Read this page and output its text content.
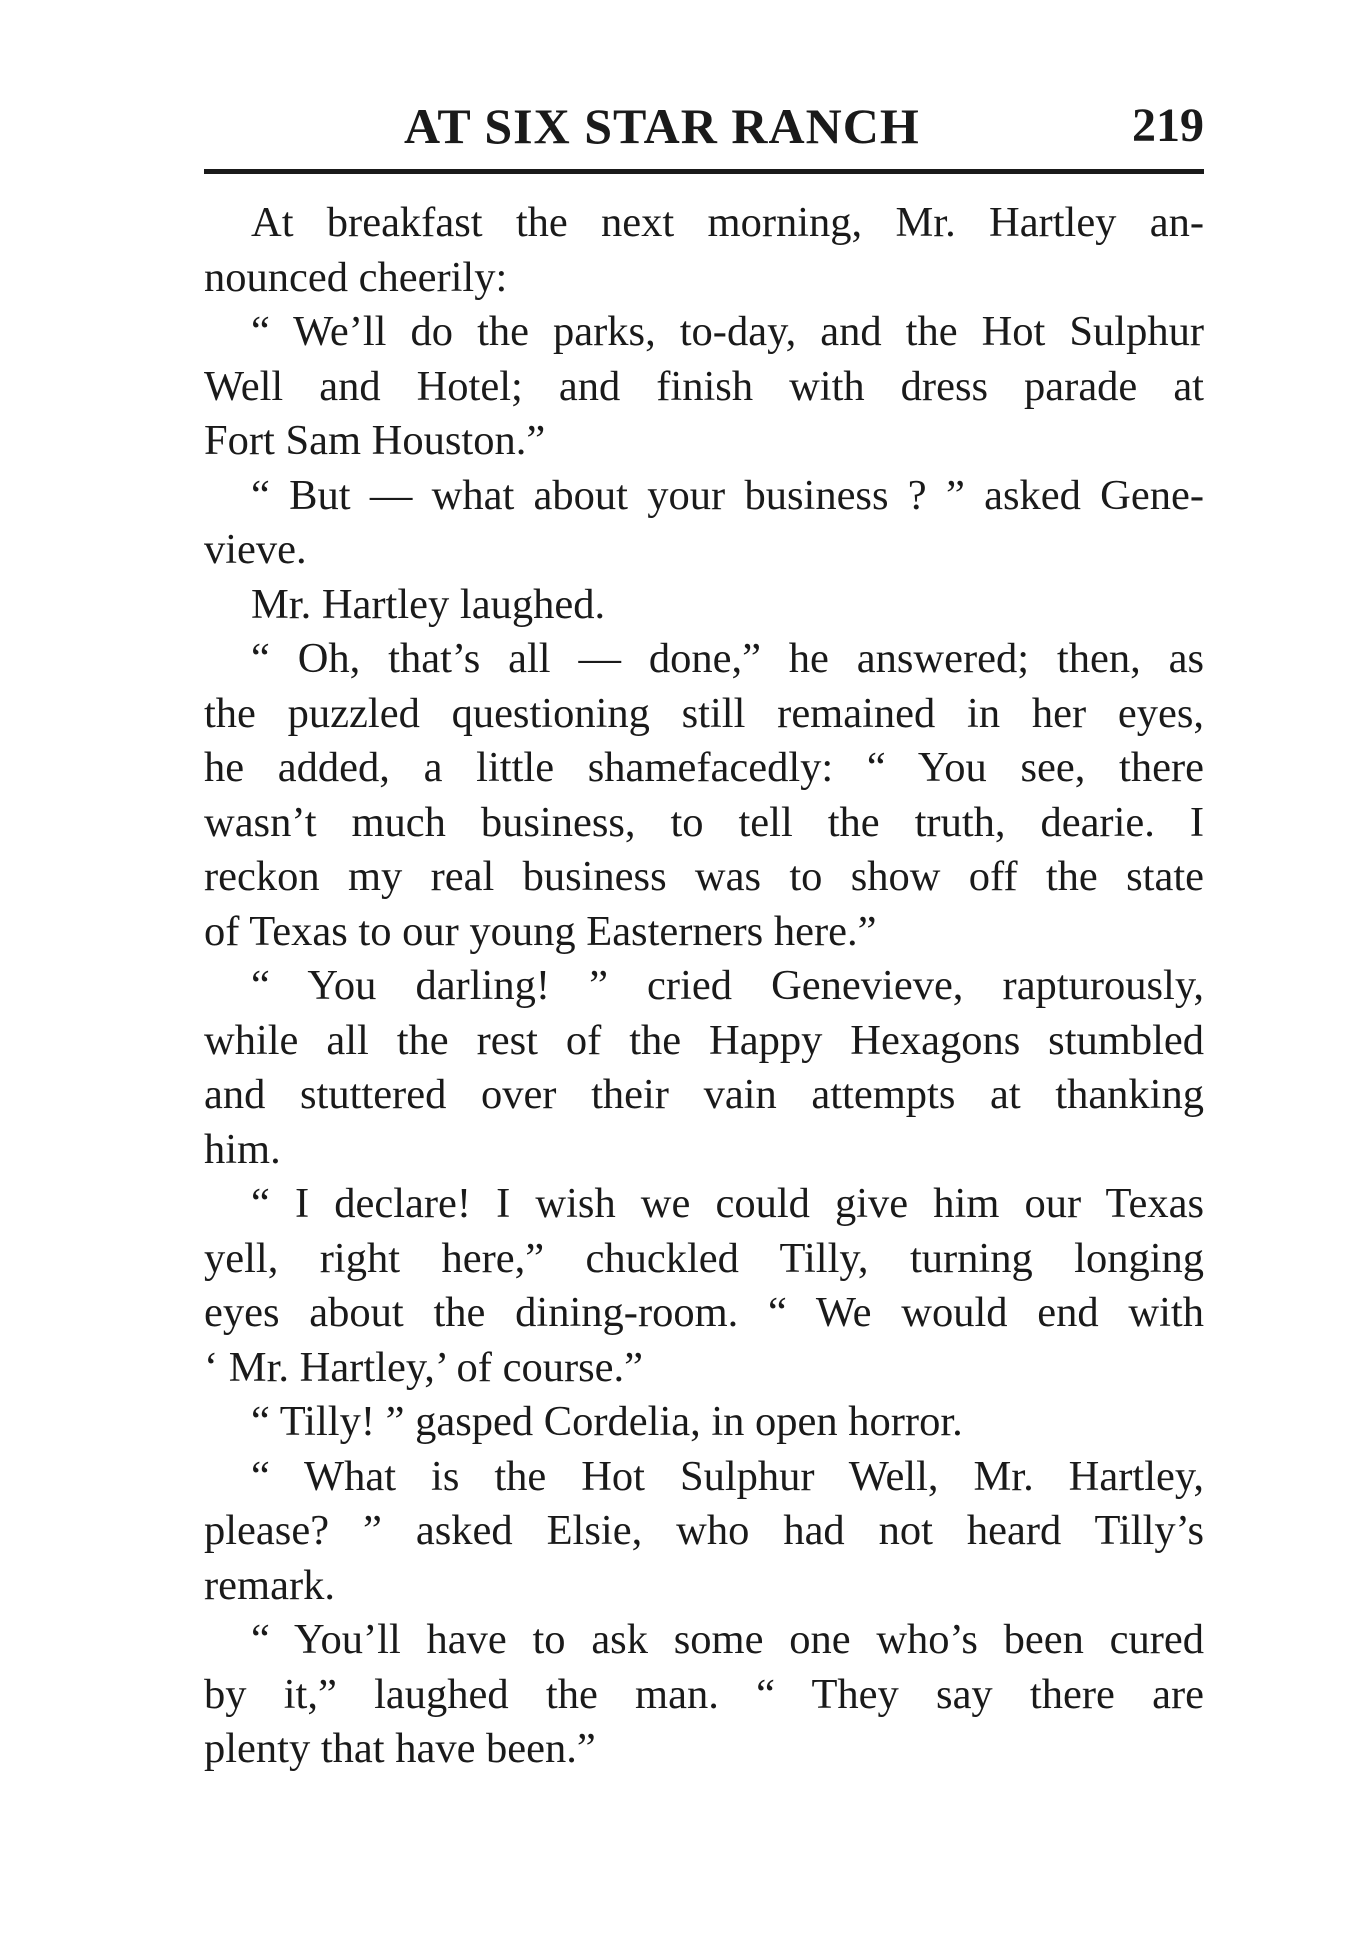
AT SIX STAR RANCH	219

At breakfast the next morning, Mr. Hartley an-
nounced cheerily:

“ We’ll do the parks, to-day, and the Hot Sulphur
Well and Hotel; and finish with dress parade at
Fort Sam Houston.”

“ But — what about your business ? ” asked Gene-
vieve.

Mr. Hartley laughed.

“ Oh, that’s all — done,” he answered; then, as
the puzzled questioning still remained in her eyes,
he added, a little shamefacedly: “ You see, there
wasn’t much business, to tell the truth, dearie. I
reckon my real business was to show off the state
of Texas to our young Easterners here.”

“ You darling! ” cried Genevieve, rapturously,
while all the rest of the Happy Hexagons stumbled
and stuttered over their vain attempts at thanking
him.

“ I declare! I wish we could give him our Texas
yell, right here,” chuckled Tilly, turning longing
eyes about the dining-room. “ We would end with
‘ Mr. Hartley,’ of course.”

“ Tilly! ” gasped Cordelia, in open horror.

“ What is the Hot Sulphur Well, Mr. Hartley,
please? ” asked Elsie, who had not heard Tilly’s
remark.

“ You’ll have to ask some one who’s been cured
by it,” laughed the man. “ They say there are
plenty that have been.”
